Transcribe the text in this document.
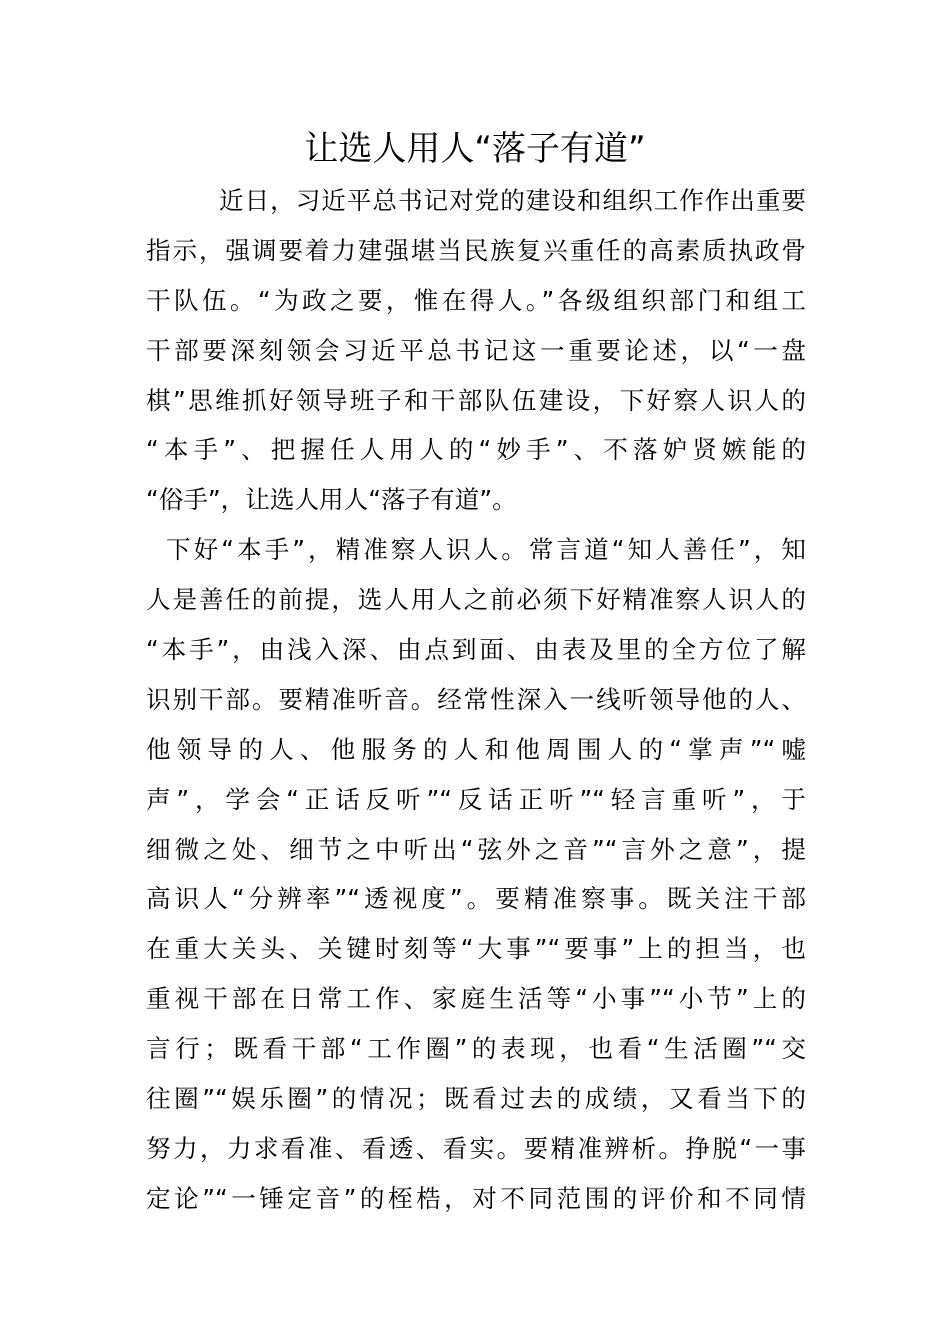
让选人用人“落子有道”
近日，习近平总书记对党的建设和组织工作作出重要
指示，强调要着力建强堪当民族复兴重任的高素质执政骨
干队伍。“为政之要，惟在得人。”各级组织部门和组工
干部要深刻领会习近平总书记这一重要论述，以“一盘
棋”思维抓好领导班子和干部队伍建设，下好察人识人的
“本手”、把握任人用人的“妙手”、不落妒贤嫉能的
“俗手”，让选人用人“落子有道”。
下好“本手”，精准察人识人。常言道“知人善任”，知
人是善任的前提，选人用人之前必须下好精准察人识人的
“本手”，由浅入深、由点到面、由表及里的全方位了解
识别干部。要精准听音。经常性深入一线听领导他的人、
他领导的人、他服务的人和他周围人的“掌声”“嘘
声”，学会“正话反听”“反话正听”“轻言重听”，于
细微之处、细节之中听出“弦外之音”“言外之意”，提
高识人“分辨率”“透视度”。要精准察事。既关注干部
在重大关头、关键时刻等“大事”“要事”上的担当，也
重视干部在日常工作、家庭生活等“小事”“小节”上的
言行；既看干部“工作圈”的表现，也看“生活圈”“交
往圈”“娱乐圈”的情况；既看过去的成绩，又看当下的
努力，力求看准、看透、看实。要精准辨析。挣脱“一事
定论”“一锤定音”的桎梏，对不同范围的评价和不同情
